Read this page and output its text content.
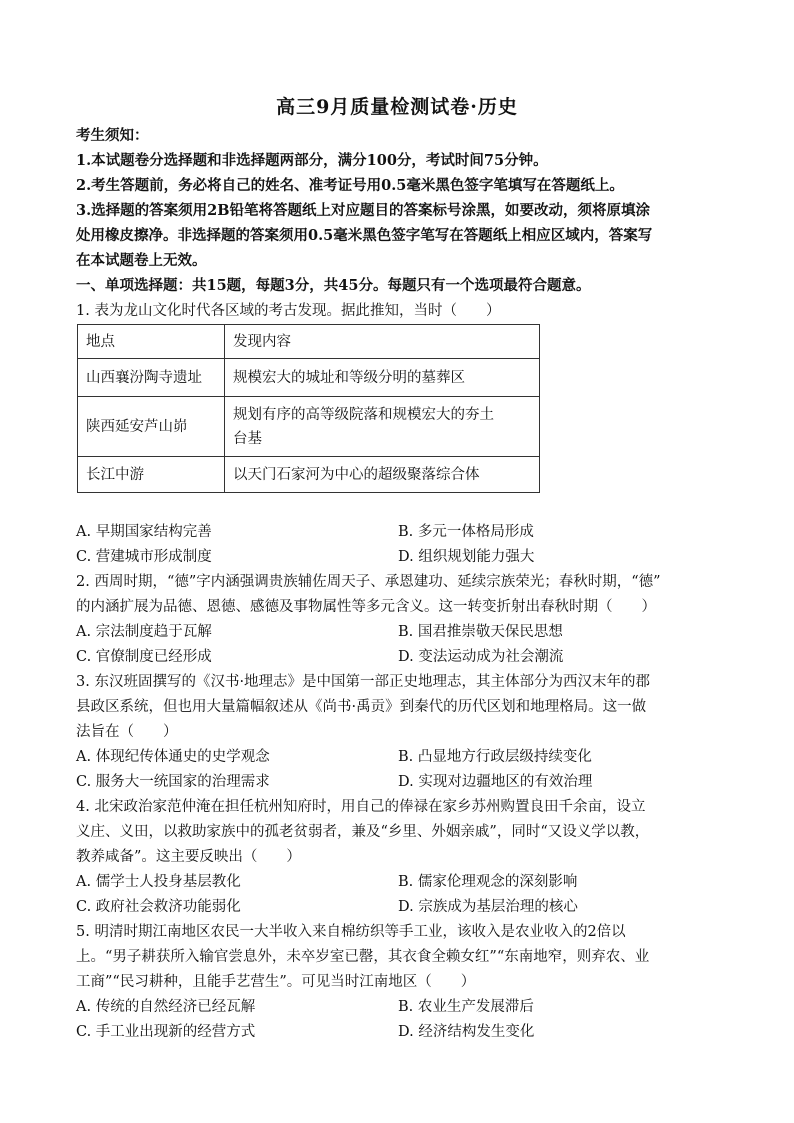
高三9月质量检测试卷·历史
考生须知：
1.本试题卷分选择题和非选择题两部分，满分100分，考试时间75分钟。
2.考生答题前，务必将自己的姓名、准考证号用0.5毫米黑色签字笔填写在答题纸上。
3.选择题的答案须用2B铅笔将答题纸上对应题目的答案标号涂黑，如要改动，须将原填涂
处用橡皮擦净。非选择题的答案须用0.5毫米黑色签字笔写在答题纸上相应区域内，答案写
在本试题卷上无效。
一、单项选择题：共15题，每题3分，共45分。每题只有一个选项最符合题意。
1. 表为龙山文化时代各区域的考古发现。据此推知，当时（　　）
地点	发现内容
山西襄汾陶寺遗址	规模宏大的城址和等级分明的墓葬区
陕西延安芦山峁	规划有序的高等级院落和规模宏大的夯土
台基

长江中游	以天门石家河为中心的超级聚落综合体
A. 早期国家结构完善	B. 多元一体格局形成
C. 营建城市形成制度	D. 组织规划能力强大
2. 西周时期，“德”字内涵强调贵族辅佐周天子、承恩建功、延续宗族荣光；春秋时期，“德”
的内涵扩展为品德、恩德、感德及事物属性等多元含义。这一转变折射出春秋时期（　　）
A. 宗法制度趋于瓦解	B. 国君推崇敬天保民思想
C. 官僚制度已经形成	D. 变法运动成为社会潮流
3. 东汉班固撰写的《汉书·地理志》是中国第一部正史地理志，其主体部分为西汉末年的郡
县政区系统，但也用大量篇幅叙述从《尚书·禹贡》到秦代的历代区划和地理格局。这一做
法旨在（　　）
A. 体现纪传体通史的史学观念	B. 凸显地方行政层级持续变化
C. 服务大一统国家的治理需求	D. 实现对边疆地区的有效治理
4. 北宋政治家范仲淹在担任杭州知府时，用自己的俸禄在家乡苏州购置良田千余亩，设立
义庄、义田，以救助家族中的孤老贫弱者，兼及“乡里、外姻亲戚”，同时“又设义学以教，
教养咸备”。这主要反映出（　　）
A. 儒学士人投身基层教化	B. 儒家伦理观念的深刻影响
C. 政府社会救济功能弱化	D. 宗族成为基层治理的核心
5. 明清时期江南地区农民一大半收入来自棉纺织等手工业，该收入是农业收入的2倍以
上。“男子耕获所入输官尝息外，未卒岁室已罄，其衣食全赖女红”“东南地窄，则弃农、业
工商”“民习耕种，且能手艺营生”。可见当时江南地区（　　）
A. 传统的自然经济已经瓦解	B. 农业生产发展滞后
C. 手工业出现新的经营方式	D. 经济结构发生变化
